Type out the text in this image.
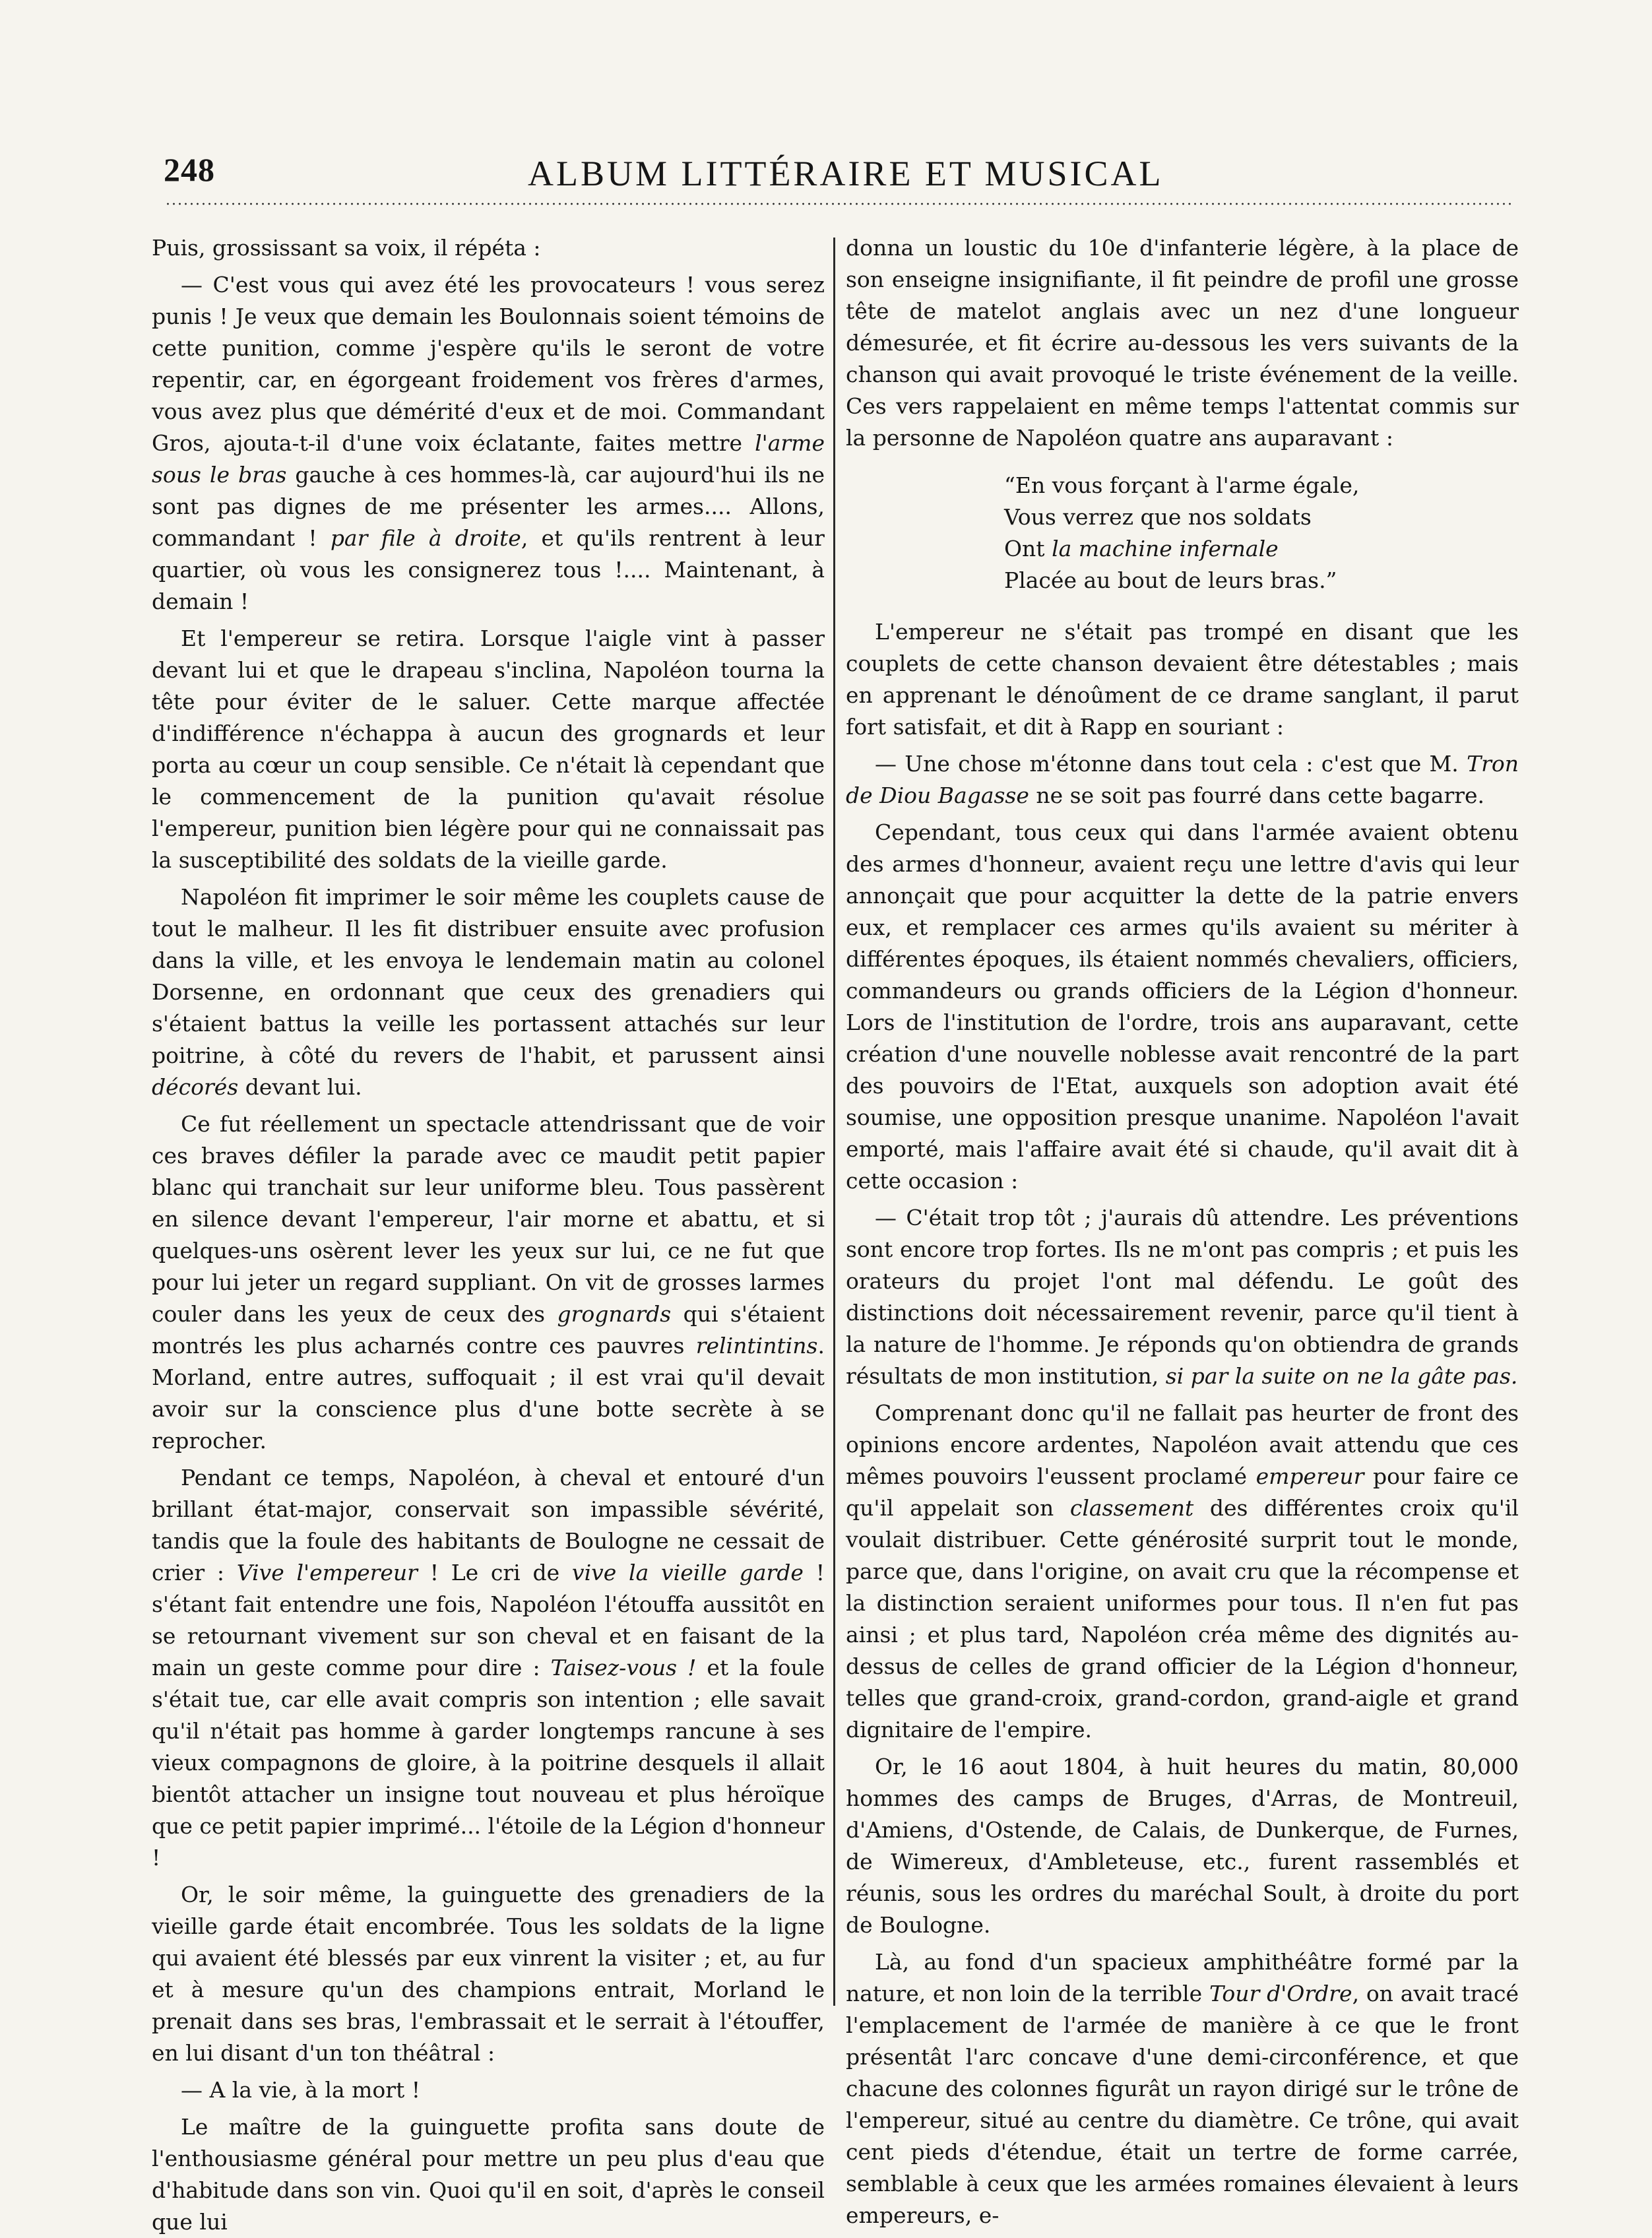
248	ALBUM LITTÉRAIRE ET MUSICAL

Puis, grossissant sa voix, il répéta :

— C'est vous qui avez été les provocateurs ! vous serez punis ! Je veux que demain les Boulonnais soient témoins de cette punition, comme j'espère qu'ils le seront de votre repentir, car, en égorgeant froidement vos frères d'armes, vous avez plus que démérité d'eux et de moi. Commandant Gros, ajouta-t-il d'une voix éclatante, faites mettre l'arme sous le bras gauche à ces hommes-là, car aujourd'hui ils ne sont pas dignes de me présenter les armes.... Allons, commandant ! par file à droite, et qu'ils rentrent à leur quartier, où vous les consignerez tous !.... Maintenant, à demain !

Et l'empereur se retira. Lorsque l'aigle vint à passer devant lui et que le drapeau s'inclina, Napoléon tourna la tête pour éviter de le saluer. Cette marque affectée d'indifférence n'échappa à aucun des grognards et leur porta au cœur un coup sensible. Ce n'était là cependant que le commencement de la punition qu'avait résolue l'empereur, punition bien légère pour qui ne connaissait pas la susceptibilité des soldats de la vieille garde.

Napoléon fit imprimer le soir même les couplets cause de tout le malheur. Il les fit distribuer ensuite avec profusion dans la ville, et les envoya le lendemain matin au colonel Dorsenne, en ordonnant que ceux des grenadiers qui s'étaient battus la veille les portassent attachés sur leur poitrine, à côté du revers de l'habit, et parussent ainsi décorés devant lui.

Ce fut réellement un spectacle attendrissant que de voir ces braves défiler la parade avec ce maudit petit papier blanc qui tranchait sur leur uniforme bleu. Tous passèrent en silence devant l'empereur, l'air morne et abattu, et si quelques-uns osèrent lever les yeux sur lui, ce ne fut que pour lui jeter un regard suppliant. On vit de grosses larmes couler dans les yeux de ceux des grognards qui s'étaient montrés les plus acharnés contre ces pauvres relintintins. Morland, entre autres, suffoquait ; il est vrai qu'il devait avoir sur la conscience plus d'une botte secrète à se reprocher.

Pendant ce temps, Napoléon, à cheval et entouré d'un brillant état-major, conservait son impassible sévérité, tandis que la foule des habitants de Boulogne ne cessait de crier : Vive l'empereur ! Le cri de vive la vieille garde ! s'étant fait entendre une fois, Napoléon l'étouffa aussitôt en se retournant vivement sur son cheval et en faisant de la main un geste comme pour dire : Taisez-vous ! et la foule s'était tue, car elle avait compris son intention ; elle savait qu'il n'était pas homme à garder longtemps rancune à ses vieux compagnons de gloire, à la poitrine desquels il allait bientôt attacher un insigne tout nouveau et plus héroïque que ce petit papier imprimé... l'étoile de la Légion d'honneur !

Or, le soir même, la guinguette des grenadiers de la vieille garde était encombrée. Tous les soldats de la ligne qui avaient été blessés par eux vinrent la visiter ; et, au fur et à mesure qu'un des champions entrait, Morland le prenait dans ses bras, l'embrassait et le serrait à l'étouffer, en lui disant d'un ton théâtral :

— A la vie, à la mort !

Le maître de la guinguette profita sans doute de l'enthousiasme général pour mettre un peu plus d'eau que d'habitude dans son vin. Quoi qu'il en soit, d'après le conseil que lui

donna un loustic du 10e d'infanterie légère, à la place de son enseigne insignifiante, il fit peindre de profil une grosse tête de matelot anglais avec un nez d'une longueur démesurée, et fit écrire au-dessous les vers suivants de la chanson qui avait provoqué le triste événement de la veille. Ces vers rappelaient en même temps l'attentat commis sur la personne de Napoléon quatre ans auparavant :

“En vous forçant à l'arme égale,
Vous verrez que nos soldats
Ont la machine infernale
Placée au bout de leurs bras.”

L'empereur ne s'était pas trompé en disant que les couplets de cette chanson devaient être détestables ; mais en apprenant le dénoûment de ce drame sanglant, il parut fort satisfait, et dit à Rapp en souriant :

— Une chose m'étonne dans tout cela : c'est que M. Tron de Diou Bagasse ne se soit pas fourré dans cette bagarre.

Cependant, tous ceux qui dans l'armée avaient obtenu des armes d'honneur, avaient reçu une lettre d'avis qui leur annonçait que pour acquitter la dette de la patrie envers eux, et remplacer ces armes qu'ils avaient su mériter à différentes époques, ils étaient nommés chevaliers, officiers, commandeurs ou grands officiers de la Légion d'honneur. Lors de l'institution de l'ordre, trois ans auparavant, cette création d'une nouvelle noblesse avait rencontré de la part des pouvoirs de l'Etat, auxquels son adoption avait été soumise, une opposition presque unanime. Napoléon l'avait emporté, mais l'affaire avait été si chaude, qu'il avait dit à cette occasion :

— C'était trop tôt ; j'aurais dû attendre. Les préventions sont encore trop fortes. Ils ne m'ont pas compris ; et puis les orateurs du projet l'ont mal défendu. Le goût des distinctions doit nécessairement revenir, parce qu'il tient à la nature de l'homme. Je réponds qu'on obtiendra de grands résultats de mon institution, si par la suite on ne la gâte pas.

Comprenant donc qu'il ne fallait pas heurter de front des opinions encore ardentes, Napoléon avait attendu que ces mêmes pouvoirs l'eussent proclamé empereur pour faire ce qu'il appelait son classement des différentes croix qu'il voulait distribuer. Cette générosité surprit tout le monde, parce que, dans l'origine, on avait cru que la récompense et la distinction seraient uniformes pour tous. Il n'en fut pas ainsi ; et plus tard, Napoléon créa même des dignités au-dessus de celles de grand officier de la Légion d'honneur, telles que grand-croix, grand-cordon, grand-aigle et grand dignitaire de l'empire.

Or, le 16 aout 1804, à huit heures du matin, 80,000 hommes des camps de Bruges, d'Arras, de Montreuil, d'Amiens, d'Ostende, de Calais, de Dunkerque, de Furnes, de Wimereux, d'Ambleteuse, etc., furent rassemblés et réunis, sous les ordres du maréchal Soult, à droite du port de Boulogne.

Là, au fond d'un spacieux amphithéâtre formé par la nature, et non loin de la terrible Tour d'Ordre, on avait tracé l'emplacement de l'armée de manière à ce que le front présentât l'arc concave d'une demi-circonférence, et que chacune des colonnes figurât un rayon dirigé sur le trône de l'empereur, situé au centre du diamètre. Ce trône, qui avait cent pieds d'étendue, était un tertre de forme carrée, semblable à ceux que les armées romaines élevaient à leurs empereurs, e-
